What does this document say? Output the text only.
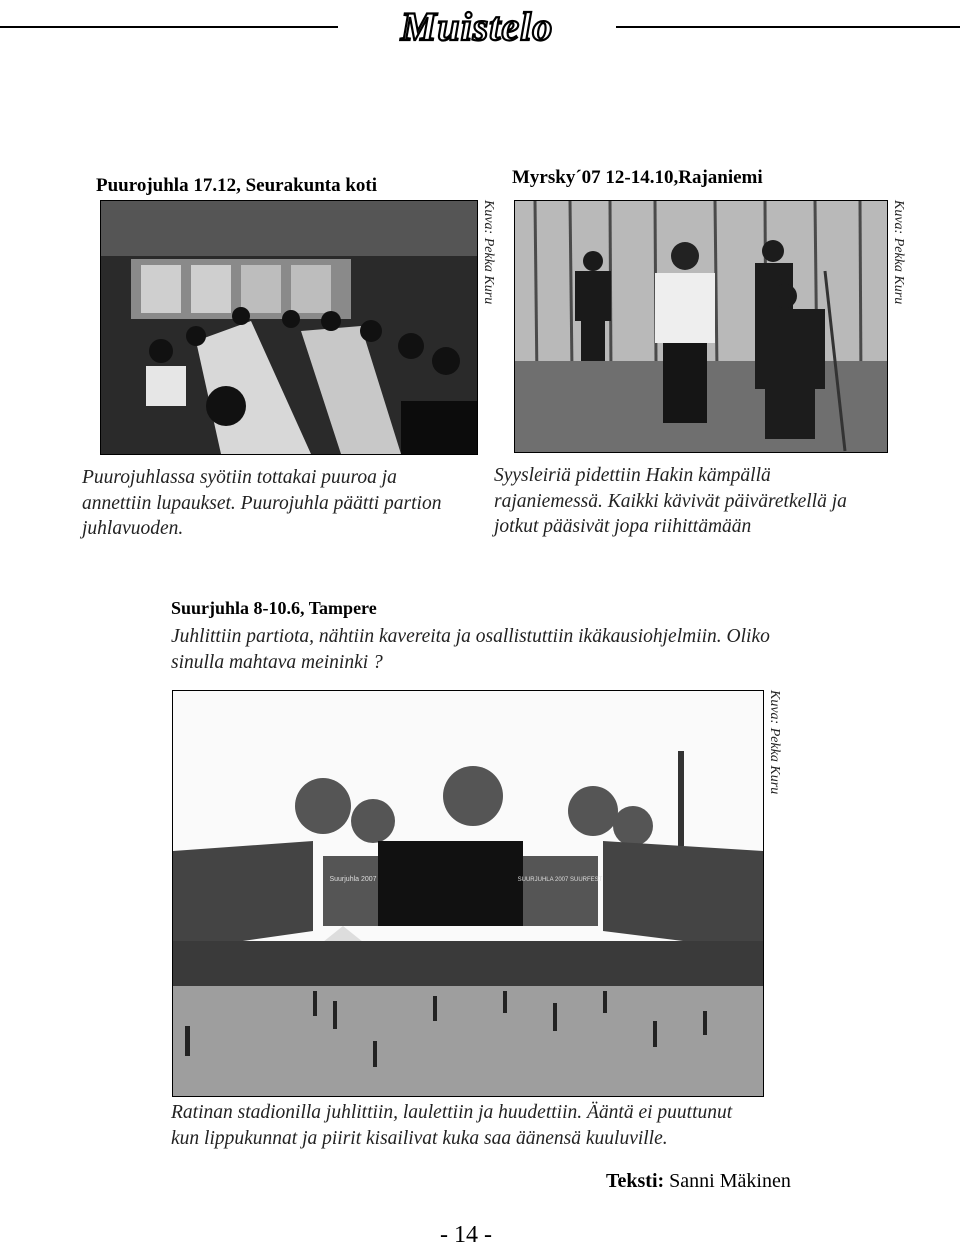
Muistelo
Puurojuhla 17.12, Seurakunta koti
Kuva: Pekka Kuru
Puurojuhlassa syötiin tottakai puuroa ja annettiin lupaukset. Puurojuhla päätti partion juhlavuoden.
Myrsky´07 12-14.10,Rajaniemi
Kuva: Pekka Kuru
Syysleiriä pidettiin Hakin kämpällä rajaniemessä. Kaikki kävivät päiväretkellä ja jotkut pääsivät jopa riihittämään
Suurjuhla 8-10.6, Tampere
Juhlittiin partiota, nähtiin kavereita ja osallistuttiin ikäkausiohjelmiin. Oliko sinulla mahtava meininki ?
Suurjuhla 2007	SUURJUHLA 2007 SUURFEST
Kuva: Pekka Kuru
Ratinan stadionilla juhlittiin, laulettiin ja huudettiin. Ääntä ei puuttunut kun lippukunnat ja piirit kisailivat kuka saa äänensä kuuluville.
Teksti: Sanni Mäkinen
- 14 -
